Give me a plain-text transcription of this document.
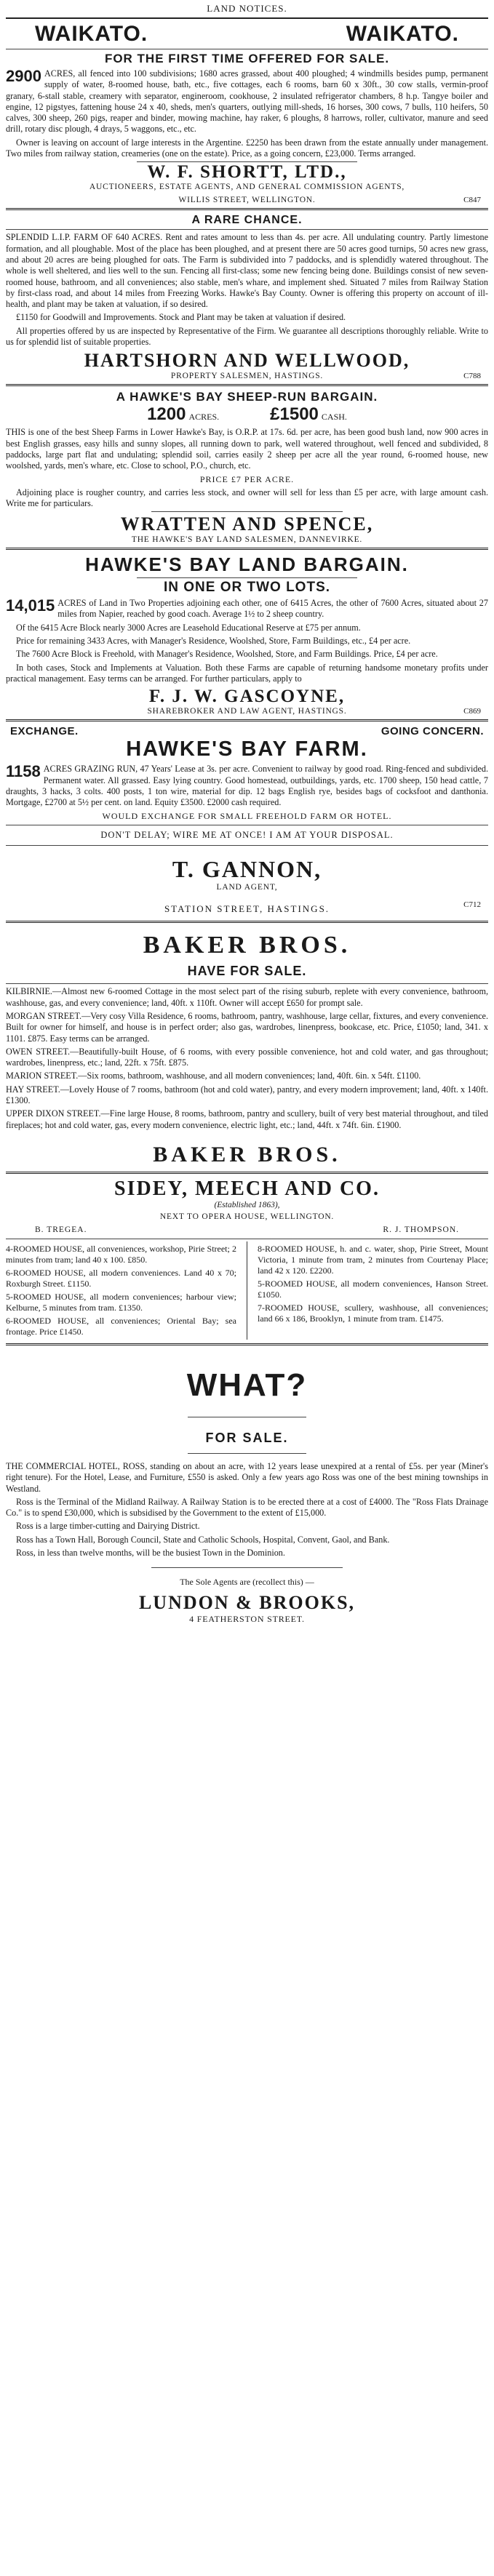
LAND NOTICES.
WAIKATO.	WAIKATO.
FOR THE FIRST TIME OFFERED FOR SALE.
2900 ACRES, all fenced into 100 subdivisions; 1680 acres grassed, about 400 ploughed; 4 windmills besides pump, permanent supply of water, 8-roomed house, bath, etc., five cottages, each 6 rooms, barn 60 x 30ft., 30 cow stalls, vermin-proof granary, 6-stall stable, creamery with separator, engineroom, cookhouse, 2 insulated refrigerator chambers, 8 h.p. Tangye boiler and engine, 12 pigstyes, fattening house 24 x 40, sheds, men's quarters, outlying mill-sheds, 16 horses, 300 cows, 7 bulls, 110 heifers, 50 calves, 300 sheep, 260 pigs, reaper and binder, mowing machine, hay raker, 6 ploughs, 8 harrows, roller, cultivator, manure and seed drill, rotary disc plough, 4 drays, 5 waggons, etc., etc.
Owner is leaving on account of large interests in the Argentine. £2250 has been drawn from the estate annually under management. Two miles from railway station, creameries (one on the estate). Price, as a going concern, £23,000. Terms arranged.
W. F. SHORTT, LTD.,
AUCTIONEERS, ESTATE AGENTS, AND GENERAL COMMISSION AGENTS,
WILLIS STREET, WELLINGTON.	C847
A RARE CHANCE.
SPLENDID L.I.P. FARM OF 640 ACRES. Rent and rates amount to less than 4s. per acre. All undulating country. Partly limestone formation, and all ploughable. Most of the place has been ploughed, and at present there are 50 acres good turnips, 50 acres new grass, and about 20 acres are being ploughed for oats. The Farm is subdivided into 7 paddocks, and is splendidly watered throughout. The whole is well sheltered, and lies well to the sun. Fencing all first-class; some new fencing being done. Buildings consist of new seven-roomed house, bathroom, and all conveniences; also stable, men's whare, and implement shed. Situated 7 miles from Railway Station by first-class road, and about 14 miles from Freezing Works. Hawke's Bay County. Owner is offering this property on account of ill-health, and plant may be taken at valuation, if so desired.
£1150 for Goodwill and Improvements. Stock and Plant may be taken at valuation if desired.
All properties offered by us are inspected by Representative of the Firm. We guarantee all descriptions thoroughly reliable. Write to us for splendid list of suitable properties.
HARTSHORN AND WELLWOOD,
PROPERTY SALESMEN, HASTINGS.	C788
A HAWKE'S BAY SHEEP-RUN BARGAIN.
1200 ACRES.	£1500 CASH.
THIS is one of the best Sheep Farms in Lower Hawke's Bay, is O.R.P. at 17s. 6d. per acre, has been good bush land, now 900 acres in best English grasses, easy hills and sunny slopes, all running down to park, well watered throughout, well fenced and subdivided, 8 paddocks, large part flat and undulating; splendid soil, carries easily 2 sheep per acre all the year round, 6-roomed house, new woolshed, yards, men's whare, etc. Close to school, P.O., church, etc.
PRICE £7 PER ACRE.
Adjoining place is rougher country, and carries less stock, and owner will sell for less than £5 per acre, with large amount cash. Write me for particulars.
WRATTEN AND SPENCE,
THE HAWKE'S BAY LAND SALESMEN, DANNEVIRKE.
HAWKE'S BAY LAND BARGAIN.
IN ONE OR TWO LOTS.
14,015 ACRES of Land in Two Properties adjoining each other, one of 6415 Acres, the other of 7600 Acres, situated about 27 miles from Napier, reached by good coach. Average 1½ to 2 sheep country.
Of the 6415 Acre Block nearly 3000 Acres are Leasehold Educational Reserve at £75 per annum.
Price for remaining 3433 Acres, with Manager's Residence, Woolshed, Store, Farm Buildings, etc., £4 per acre.
The 7600 Acre Block is Freehold, with Manager's Residence, Woolshed, Store, and Farm Buildings. Price, £4 per acre.
In both cases, Stock and Implements at Valuation. Both these Farms are capable of returning handsome monetary profits under practical management. Easy terms can be arranged. For further particulars, apply to
F. J. W. GASCOYNE,
SHAREBROKER AND LAW AGENT, HASTINGS.	C869
EXCHANGE.	GOING CONCERN.
HAWKE'S BAY FARM.
1158 ACRES GRAZING RUN, 47 Years' Lease at 3s. per acre. Convenient to railway by good road. Ring-fenced and subdivided. Permanent water. All grassed. Easy lying country. Good homestead, outbuildings, yards, etc. 1700 sheep, 150 head cattle, 7 draughts, 3 hacks, 3 colts. 400 posts, 1 ton wire, material for dip. 12 bags English rye, besides bags of cocksfoot and danthonia. Mortgage, £2700 at 5½ per cent. on land. Equity £3500. £2000 cash required.
WOULD EXCHANGE FOR SMALL FREEHOLD FARM OR HOTEL.
DON'T DELAY; WIRE ME AT ONCE! I AM AT YOUR DISPOSAL.
T. GANNON,
LAND AGENT,
STATION STREET, HASTINGS.	C712
BAKER BROS.
HAVE FOR SALE.
KILBIRNIE.—Almost new 6-roomed Cottage in the most select part of the rising suburb, replete with every convenience, bathroom, washhouse, gas, and every convenience; land, 40ft. x 110ft. Owner will accept £650 for prompt sale.
MORGAN STREET.—Very cosy Villa Residence, 6 rooms, bathroom, pantry, washhouse, large cellar, fixtures, and every convenience. Built for owner for himself, and house is in perfect order; also gas, wardrobes, linenpress, bookcase, etc. Price, £1050; land, 341. x 1101. £875. Easy terms can be arranged.
OWEN STREET.—Beautifully-built House, of 6 rooms, with every possible convenience, hot and cold water, and gas throughout; wardrobes, linenpress, etc.; land, 22ft. x 75ft. £875.
MARION STREET.—Six rooms, bathroom, washhouse, and all modern conveniences; land, 40ft. 6in. x 54ft. £1100.
HAY STREET.—Lovely House of 7 rooms, bathroom (hot and cold water), pantry, and every modern improvement; land, 40ft. x 140ft. £1300.
UPPER DIXON STREET.—Fine large House, 8 rooms, bathroom, pantry and scullery, built of very best material throughout, and tiled fireplaces; hot and cold water, gas, every modern convenience, electric light, etc.; land, 44ft. x 74ft. 6in. £1900.
BAKER BROS.
SIDEY, MEECH AND CO.
(Established 1863),
NEXT TO OPERA HOUSE, WELLINGTON.
B. TREGEA.	R. J. THOMPSON.
4-ROOMED HOUSE, all conveniences, workshop, Pirie Street; 2 minutes from tram; land 40 x 100. £850.
6-ROOMED HOUSE, all modern conveniences. Land 40 x 70; Roxburgh Street. £1150.
5-ROOMED HOUSE, all modern conveniences; harbour view; Kelburne, 5 minutes from tram. £1350.
6-ROOMED HOUSE, all conveniences; Oriental Bay; sea frontage. Price £1450.
8-ROOMED HOUSE, h. and c. water, shop, Pirie Street, Mount Victoria, 1 minute from tram, 2 minutes from Courtenay Place; land 42 x 120. £2200.
5-ROOMED HOUSE, all modern conveniences, Hanson Street. £1050.
7-ROOMED HOUSE, scullery, washhouse, all conveniences; land 66 x 186, Brooklyn, 1 minute from tram. £1475.
WHAT?
FOR SALE.
THE COMMERCIAL HOTEL, ROSS, standing on about an acre, with 12 years lease unexpired at a rental of £5s. per year (Miner's right tenure). For the Hotel, Lease, and Furniture, £550 is asked. Only a few years ago Ross was one of the best mining townships in Westland.
Ross is the Terminal of the Midland Railway. A Railway Station is to be erected there at a cost of £4000. The "Ross Flats Drainage Co." is to spend £30,000, which is subsidised by the Government to the extent of £15,000.
Ross is a large timber-cutting and Dairying District.
Ross has a Town Hall, Borough Council, State and Catholic Schools, Hospital, Convent, Gaol, and Bank.
Ross, in less than twelve months, will be the busiest Town in the Dominion.
The Sole Agents are (recollect this) —
LUNDON & BROOKS,
4 FEATHERSTON STREET.
